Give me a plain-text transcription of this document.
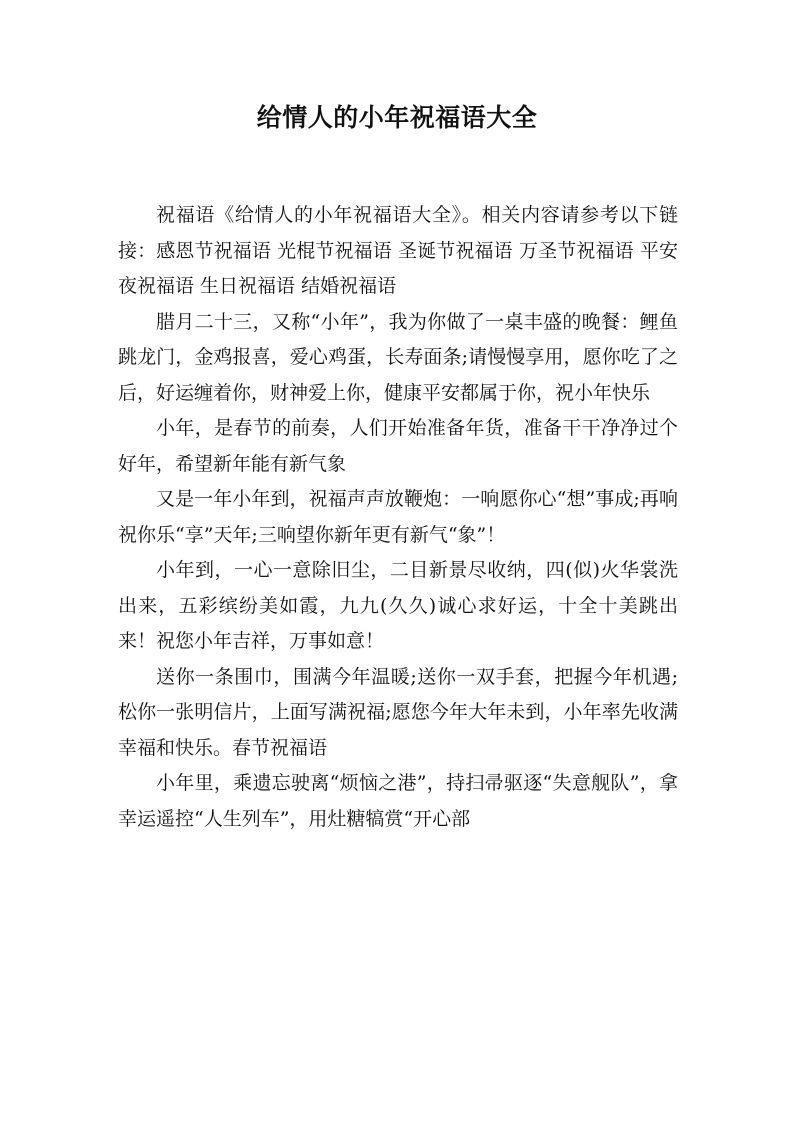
给情人的小年祝福语大全

祝福语《给情人的小年祝福语大全》。相关内容请参考以下链接：感恩节祝福语 光棍节祝福语 圣诞节祝福语 万圣节祝福语 平安夜祝福语 生日祝福语 结婚祝福语

腊月二十三，又称“小年”，我为你做了一桌丰盛的晚餐：鲤鱼跳龙门，金鸡报喜，爱心鸡蛋，长寿面条;请慢慢享用，愿你吃了之后，好运缠着你，财神爱上你，健康平安都属于你，祝小年快乐

小年，是春节的前奏，人们开始准备年货，准备干干净净过个好年，希望新年能有新气象

又是一年小年到，祝福声声放鞭炮：一响愿你心“想”事成;再响祝你乐“享”天年;三响望你新年更有新气“象”！

小年到，一心一意除旧尘，二目新景尽收纳，四(似)火华裳洗出来，五彩缤纷美如霞，九九(久久)诚心求好运，十全十美跳出来！祝您小年吉祥，万事如意！

送你一条围巾，围满今年温暖;送你一双手套，把握今年机遇;松你一张明信片，上面写满祝福;愿您今年大年未到，小年率先收满幸福和快乐。春节祝福语

小年里，乘遗忘驶离“烦恼之港”，持扫帚驱逐“失意舰队”，拿幸运遥控“人生列车”，用灶糖犒赏“开心部
